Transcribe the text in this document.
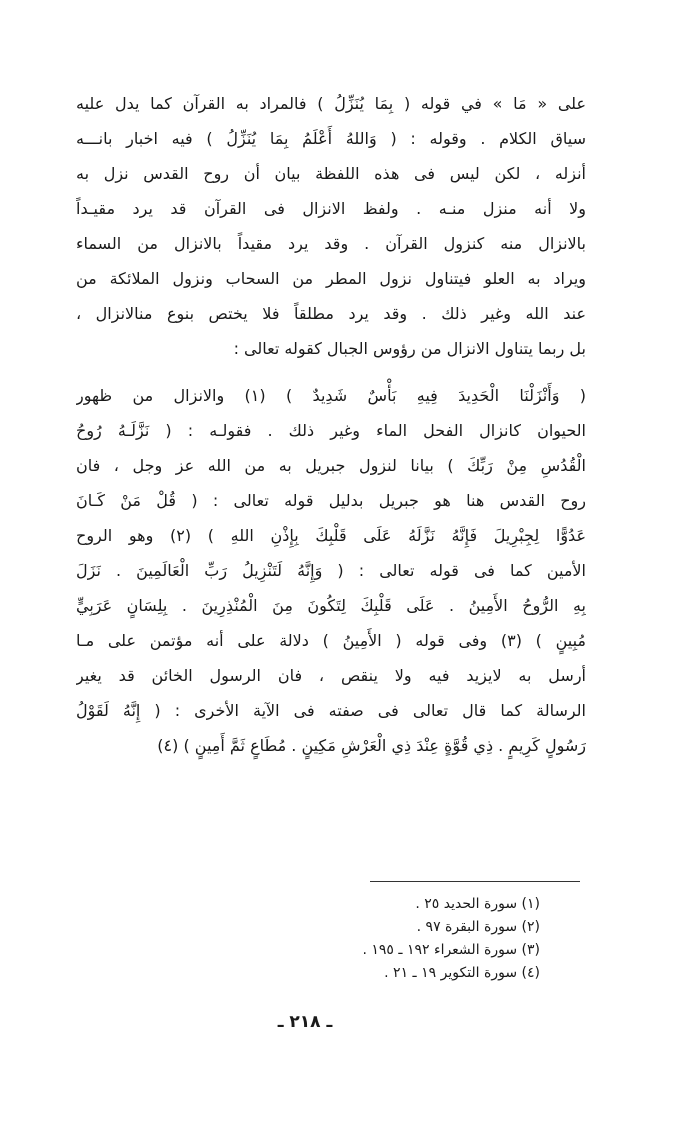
على « مَا » في قوله ( بِمَا يُنَزِّلُ ) فالمراد به القرآن كما يدل عليه
سياق الكلام . وقوله : ( وَاللهُ أَعْلَمُ بِمَا يُنَزِّلُ ) فيه اخبار بانـــه
أنزله ، لكن ليس فى هذه اللفظة بيان أن روح القدس نزل به
ولا أنه منزل منـه . ولفظ الانزال فى القرآن قد يرد مقيـداً
بالانزال منه كنزول القرآن . وقد يرد مقيداً بالانزال من السماء
ويراد به العلو فيتناول نزول المطر من السحاب ونزول الملائكة من
عند الله وغير ذلك . وقد يرد مطلقاً فلا يختص بنوع منالانزال ،
بل ربما يتناول الانزال من رؤوس الجبال كقوله تعالى :
( وَأَنْزَلْنَا الْحَدِيدَ فِيهِ بَأْسٌ شَدِيدٌ ) (١) والانزال من ظهور
الحيوان كانزال الفحل الماء وغير ذلك . فقولـه : ( نَزَّلَـهُ رُوحُ
الْقُدُسِ مِنْ رَبِّكَ ) بيانا لنزول جبريل به من الله عز وجل ، فان
روح القدس هنا هو جبريل بدليل قوله تعالى : ( قُلْ مَنْ كَـانَ
عَدُوًّا لِجِبْرِيلَ فَإِنَّهُ نَزَّلَهُ عَلَى قَلْبِكَ بِإِذْنِ اللهِ ) (٢) وهو الروح
الأمين كما فى قوله تعالى : ( وَإِنَّهُ لَتَنْزِيلُ رَبِّ الْعَالَمِينَ . نَزَلَ
بِهِ الرُّوحُ الأَمِينُ . عَلَى قَلْبِكَ لِتَكُونَ مِنَ الْمُنْذِرِينَ . بِلِسَانٍ عَرَبِيٍّ
مُبِينٍ ) (٣) وفى قوله ( الأَمِينُ ) دلالة على أنه مؤتمن على مـا
أرسل به لايزيد فيه ولا ينقص ، فان الرسول الخائن قد يغير
الرسالة كما قال تعالى فى صفته فى الآية الأخرى : ( إِنَّهُ لَقَوْلُ
رَسُولٍ كَرِيمٍ . ذِي قُوَّةٍ عِنْدَ ذِي الْعَرْشِ مَكِينٍ . مُطَاعٍ ثَمَّ أَمِينٍ ) (٤)
(١) سورة الحديد ٢٥ .
(٢) سورة البقرة ٩٧ .
(٣) سورة الشعراء ١٩٢ ـ ١٩٥ .
(٤) سورة التكوير ١٩ ـ ٢١ .
ـ ٢١٨ ـ
